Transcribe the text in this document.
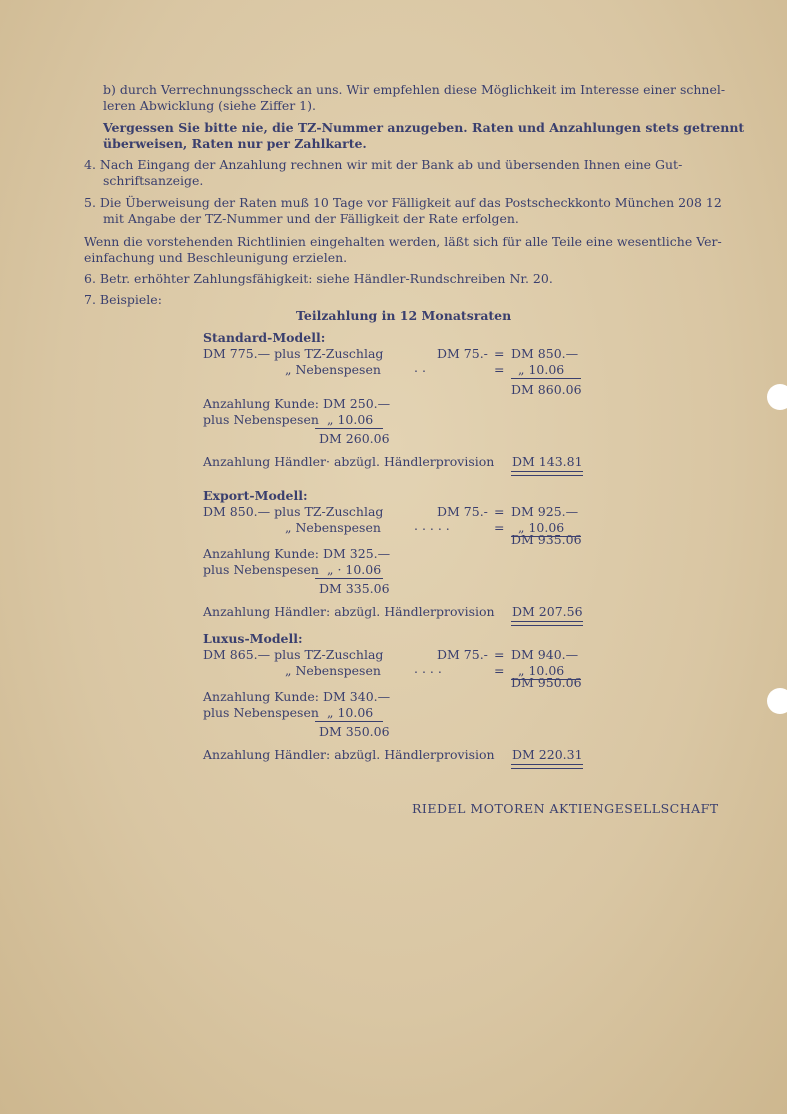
b) durch Verrechnungsscheck an uns. Wir empfehlen diese Möglichkeit im Interesse einer schnel-
leren Abwicklung (siehe Ziffer 1).
Vergessen Sie bitte nie, die TZ-Nummer anzugeben. Raten und Anzahlungen stets getrennt
überweisen, Raten nur per Zahlkarte.
4. Nach Eingang der Anzahlung rechnen wir mit der Bank ab und übersenden Ihnen eine Gut-
schriftsanzeige.
5. Die Überweisung der Raten muß 10 Tage vor Fälligkeit auf das Postscheckkonto München 208 12
mit Angabe der TZ-Nummer und der Fälligkeit der Rate erfolgen.
Wenn die vorstehenden Richtlinien eingehalten werden, läßt sich für alle Teile eine wesentliche Ver-
einfachung und Beschleunigung erzielen.
6. Betr. erhöhter Zahlungsfähigkeit: siehe Händler-Rundschreiben Nr. 20.
7. Beispiele:
Teilzahlung in 12 Monatsraten
Standard-Modell:
DM 775.— plus TZ-Zuschlag	DM 75.- = DM 850.—
„ Nebenspesen	. .	= „ 10.06
DM 860.06
Anzahlung Kunde: DM 250.—
plus Nebenspesen „ 10.06
DM 260.06
Anzahlung Händler· abzügl. Händlerprovision DM 143.81
Export-Modell:
DM 850.— plus TZ-Zuschlag	DM 75.- = DM 925.—
„ Nebenspesen	. . . . .	= „ 10.06
DM 935.06
Anzahlung Kunde: DM 325.—
plus Nebenspesen „ · 10.06
DM 335.06
Anzahlung Händler: abzügl. Händlerprovision DM 207.56
Luxus-Modell:
DM 865.— plus TZ-Zuschlag	DM 75.- = DM 940.—
„ Nebenspesen	. . . .	= „ 10.06
DM 950.06
Anzahlung Kunde: DM 340.—
plus Nebenspesen „ 10.06
DM 350.06
Anzahlung Händler: abzügl. Händlerprovision DM 220.31
RIEDEL MOTOREN AKTIENGESELLSCHAFT
